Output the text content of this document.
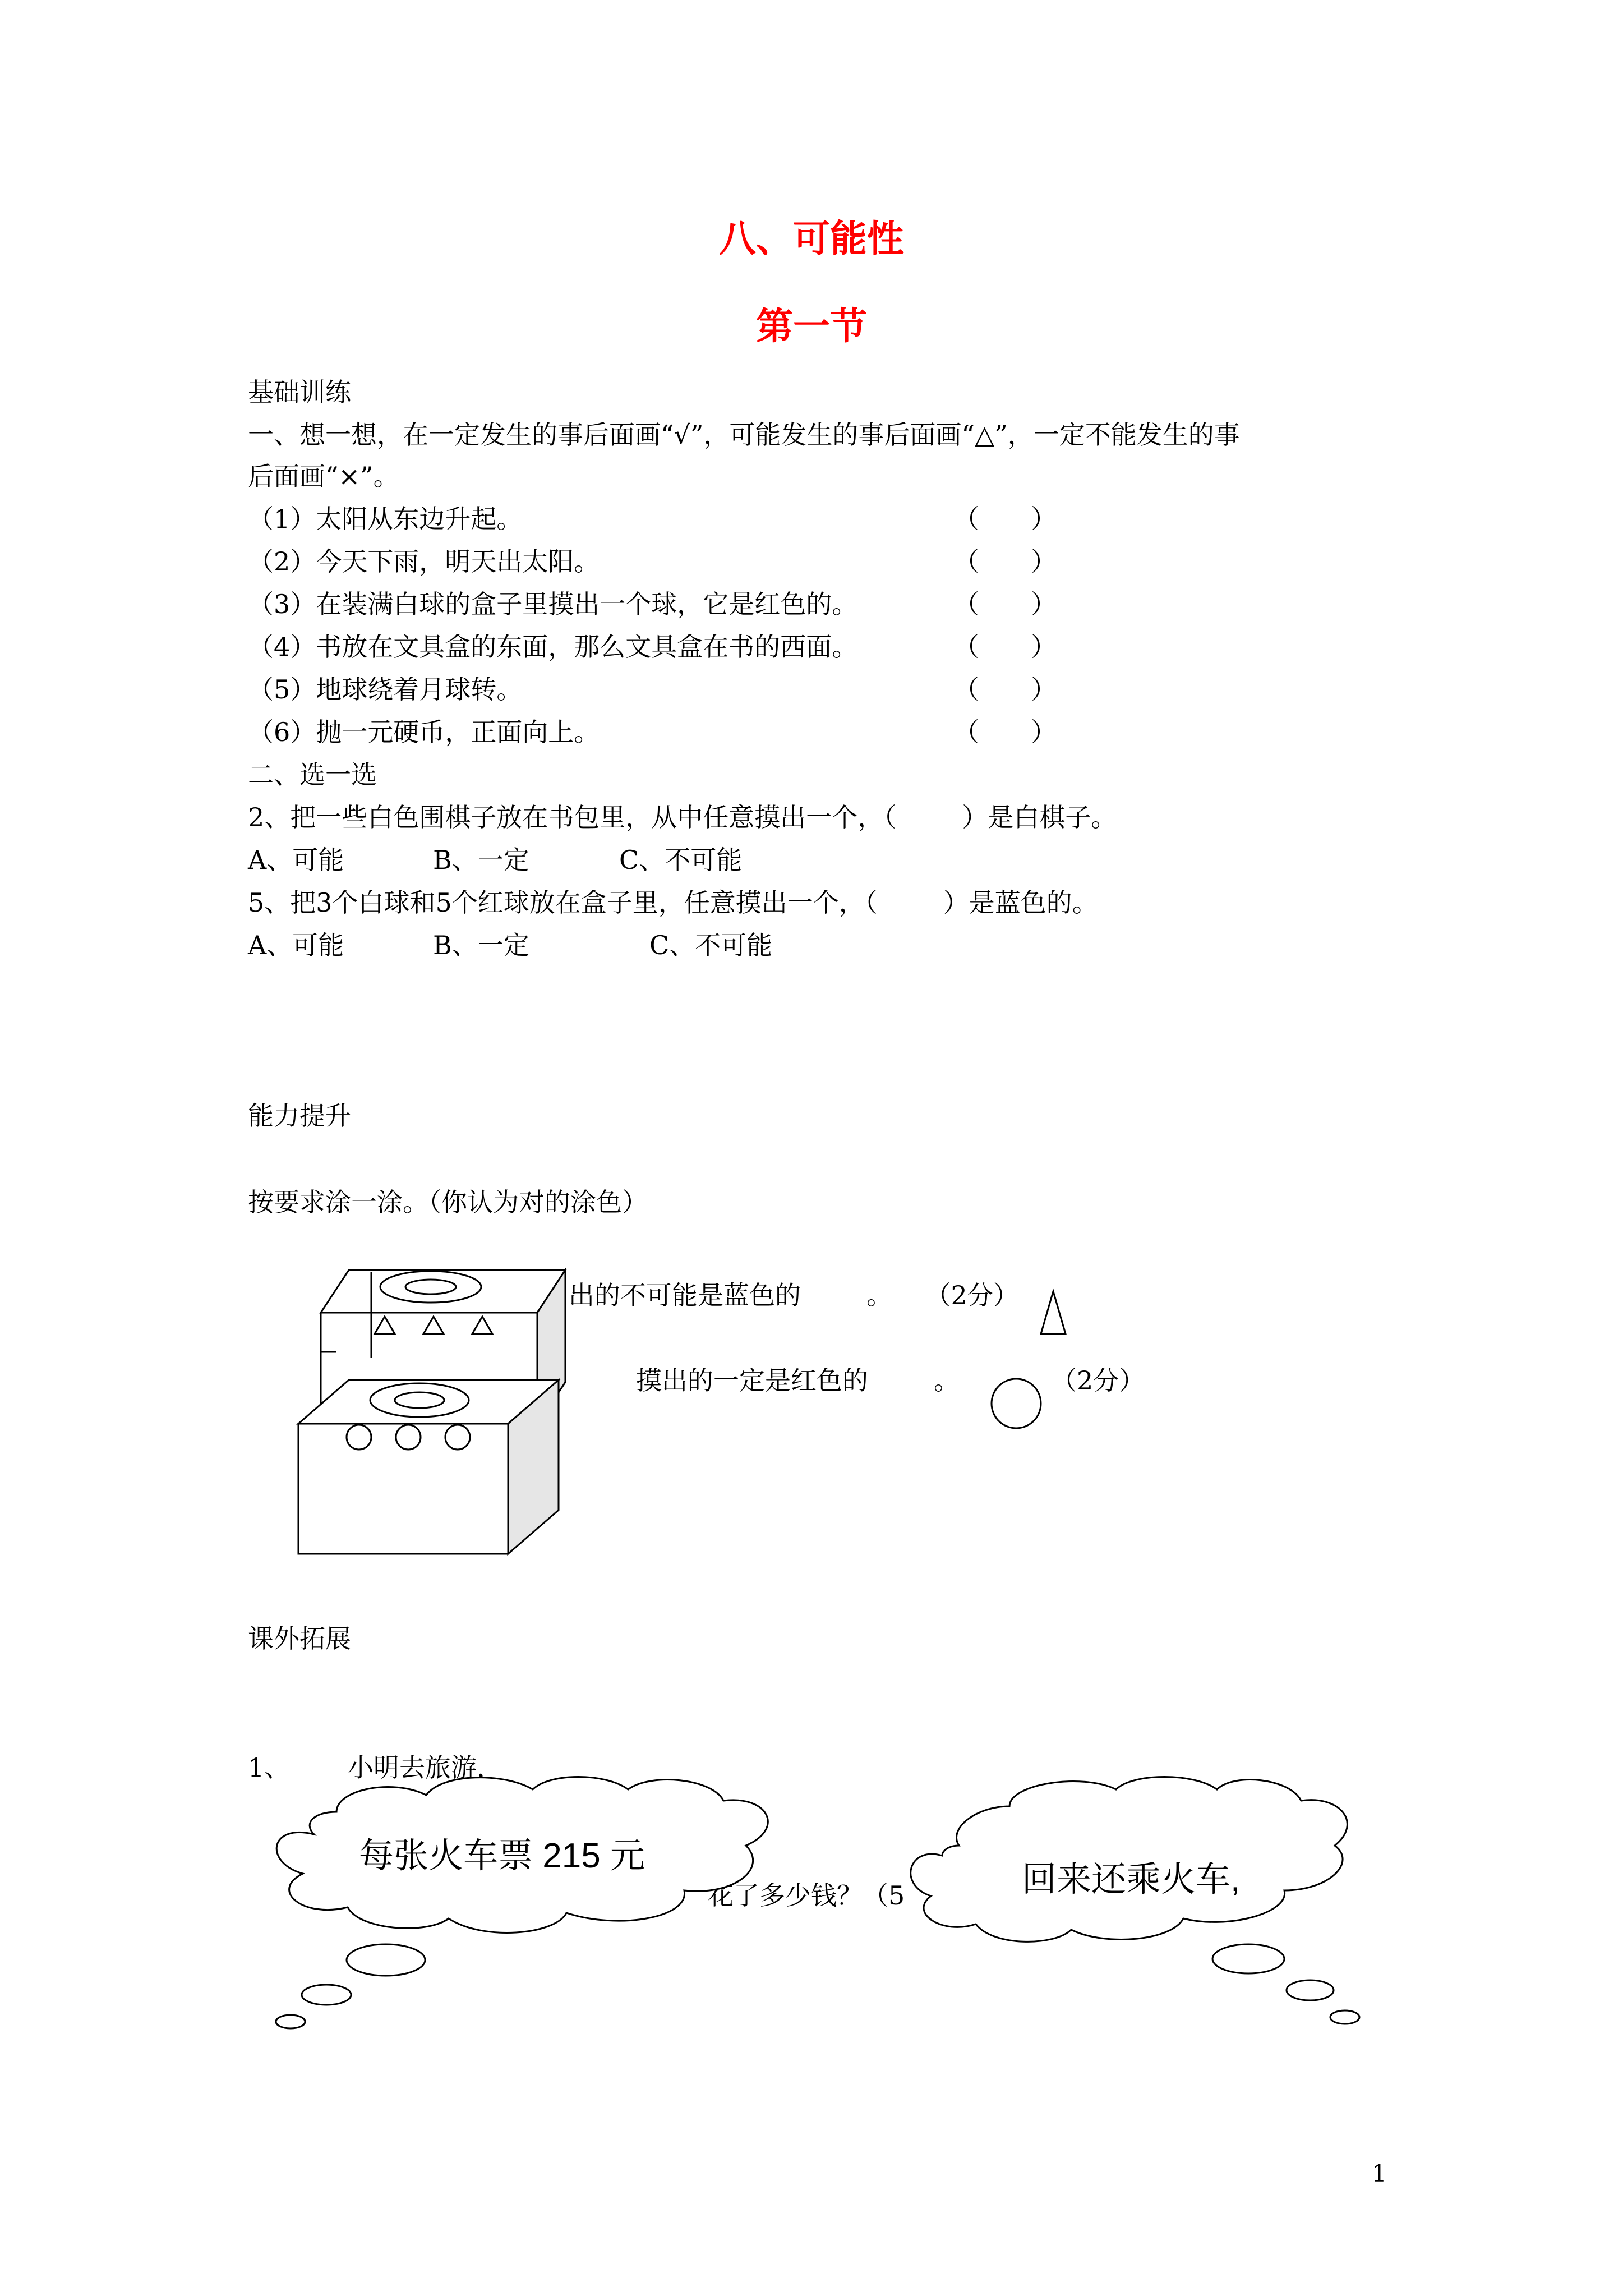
八、可能性
第一节
基础训练
一、想一想，在一定发生的事后面画“√”，可能发生的事后面画“△”，一定不能发生的事
后面画“×”。
（1）太阳从东边升起。	（ ）
（2）今天下雨，明天出太阳。	（ ）
（3）在装满白球的盒子里摸出一个球，它是红色的。	（ ）
（4）书放在文具盒的东面，那么文具盒在书的西面。	（ ）
（5）地球绕着月球转。	（ ）
（6）抛一元硬币，正面向上。	（ ）
二、选一选
2、把一些白色围棋子放在书包里，从中任意摸出一个，（        ）是白棋子。
A、可能	B、一定	C、不可能
5、把3个白球和5个红球放在盒子里，任意摸出一个，（        ）是蓝色的。
A、可能	B、一定	C、不可能
能力提升
按要求涂一涂。（你认为对的涂色）
出的不可能是蓝色的        。    （2分）
摸出的一定是红色的        。	（2分）
课外拓展
1、 小明去旅游，
花了多少钱？（5
每张火车票 215 元
回来还乘火车,
1
